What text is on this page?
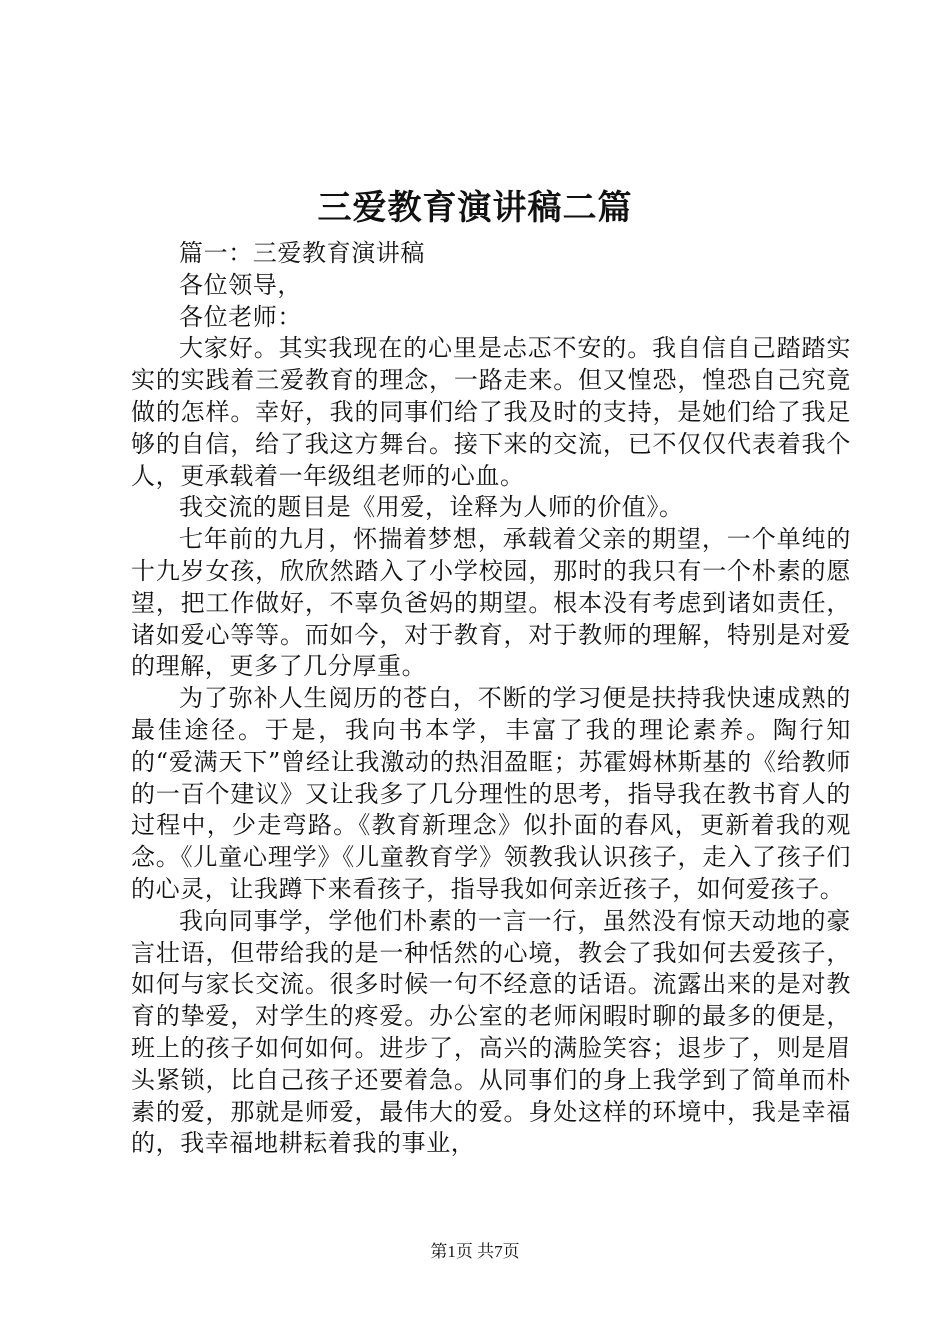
三爱教育演讲稿二篇

篇一：三爱教育演讲稿

各位领导，

各位老师：

大家好。其实我现在的心里是忐忑不安的。我自信自己踏踏实实的实践着三爱教育的理念，一路走来。但又惶恐，惶恐自己究竟做的怎样。幸好，我的同事们给了我及时的支持，是她们给了我足够的自信，给了我这方舞台。接下来的交流，已不仅仅代表着我个人，更承载着一年级组老师的心血。

我交流的题目是《用爱，诠释为人师的价值》。

七年前的九月，怀揣着梦想，承载着父亲的期望，一个单纯的十九岁女孩，欣欣然踏入了小学校园，那时的我只有一个朴素的愿望，把工作做好，不辜负爸妈的期望。根本没有考虑到诸如责任，诸如爱心等等。而如今，对于教育，对于教师的理解，特别是对爱的理解，更多了几分厚重。

为了弥补人生阅历的苍白，不断的学习便是扶持我快速成熟的最佳途径。于是，我向书本学，丰富了我的理论素养。陶行知的“爱满天下”曾经让我激动的热泪盈眶；苏霍姆林斯基的《给教师的一百个建议》又让我多了几分理性的思考，指导我在教书育人的过程中，少走弯路。《教育新理念》似扑面的春风，更新着我的观念。《儿童心理学》《儿童教育学》领教我认识孩子，走入了孩子们的心灵，让我蹲下来看孩子，指导我如何亲近孩子，如何爱孩子。

我向同事学，学他们朴素的一言一行，虽然没有惊天动地的豪言壮语，但带给我的是一种恬然的心境，教会了我如何去爱孩子，如何与家长交流。很多时候一句不经意的话语。流露出来的是对教育的挚爱，对学生的疼爱。办公室的老师闲暇时聊的最多的便是，班上的孩子如何如何。进步了，高兴的满脸笑容；退步了，则是眉头紧锁，比自己孩子还要着急。从同事们的身上我学到了简单而朴素的爱，那就是师爱，最伟大的爱。身处这样的环境中，我是幸福的，我幸福地耕耘着我的事业，

第1页 共7页
